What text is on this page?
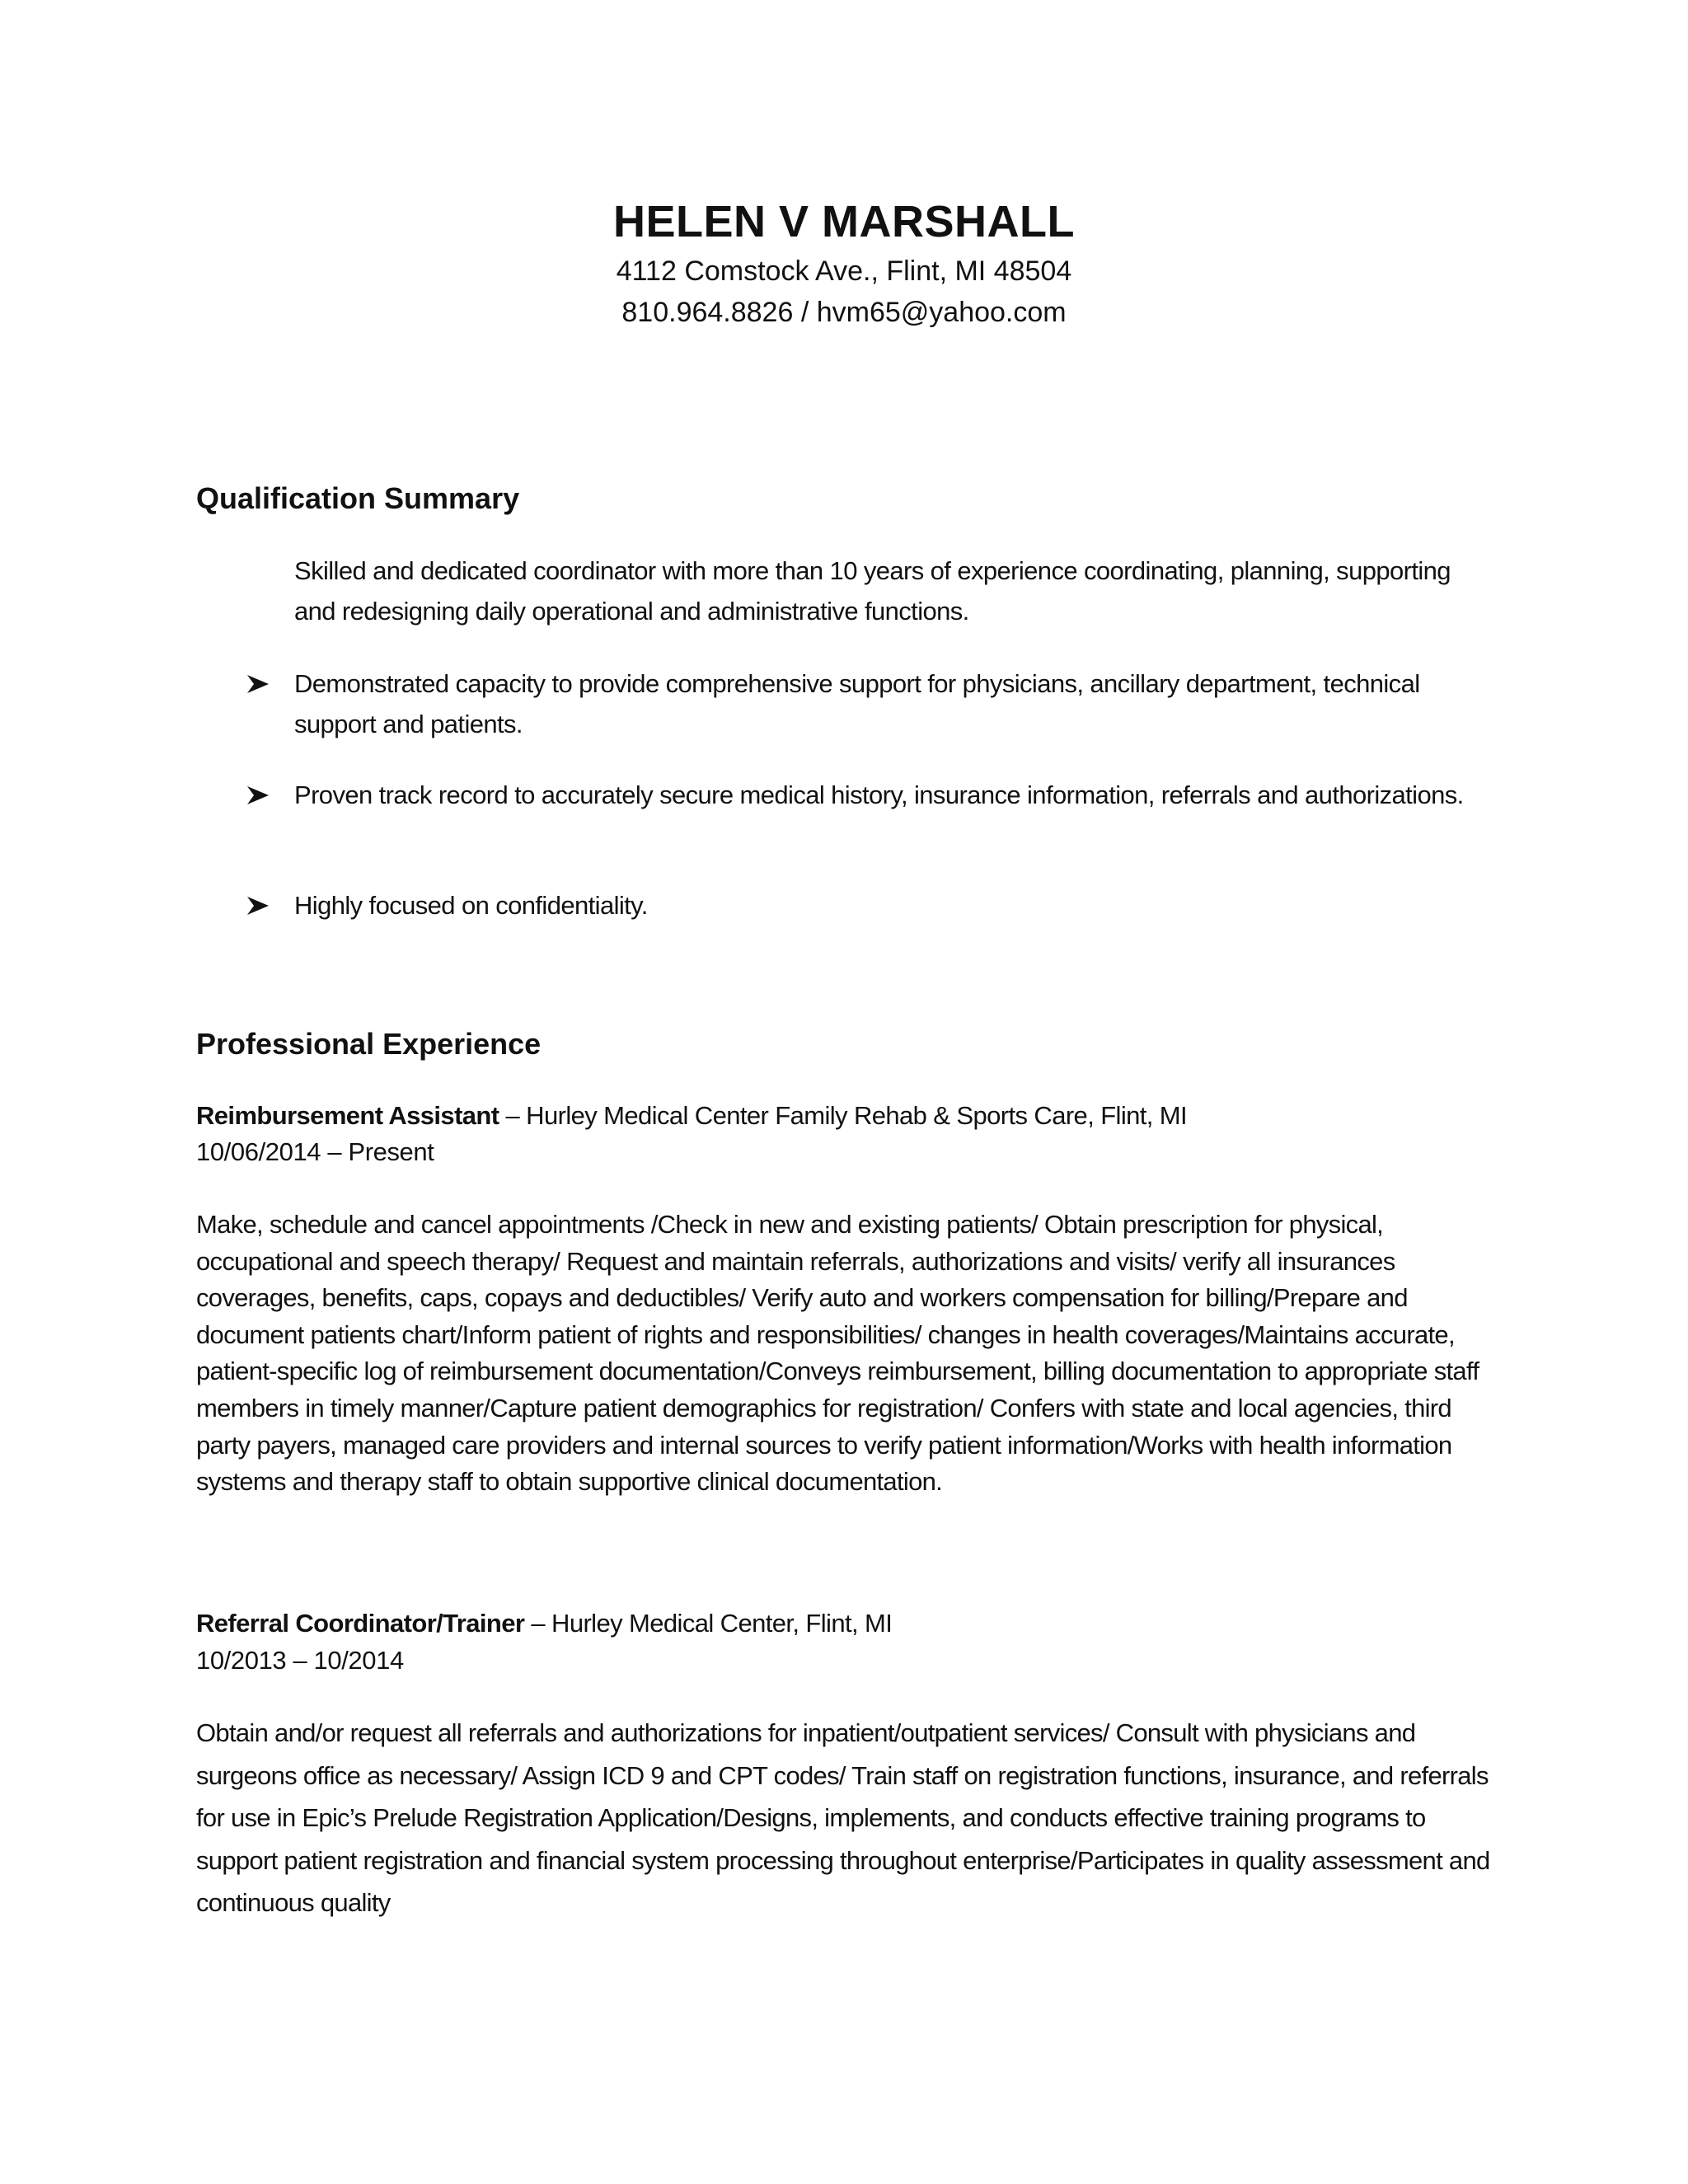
HELEN V MARSHALL
4112 Comstock Ave., Flint, MI 48504
810.964.8826 / hvm65@yahoo.com
Qualification Summary
Skilled and dedicated coordinator with more than 10 years of experience coordinating, planning, supporting and redesigning daily operational and administrative functions.
Demonstrated capacity to provide comprehensive support for physicians, ancillary department, technical support and patients.
Proven track record to accurately secure medical history, insurance information, referrals and authorizations.
Highly focused on confidentiality.
Professional Experience
Reimbursement Assistant – Hurley Medical Center Family Rehab & Sports Care, Flint, MI
10/06/2014 – Present
Make, schedule and cancel appointments /Check in new and existing patients/ Obtain prescription for physical, occupational and speech therapy/ Request and maintain referrals, authorizations and visits/ verify all insurances coverages, benefits, caps, copays and deductibles/ Verify auto and workers compensation for billing/Prepare and document patients chart/Inform patient of rights and responsibilities/ changes in health coverages/Maintains accurate, patient-specific log of reimbursement documentation/Conveys reimbursement, billing documentation to appropriate staff members in timely manner/Capture patient demographics for registration/ Confers with state and local agencies, third party payers, managed care providers and internal sources to verify patient information/Works with health information systems and therapy staff to obtain supportive clinical documentation.
Referral Coordinator/Trainer – Hurley Medical Center, Flint, MI
10/2013 – 10/2014
Obtain and/or request all referrals and authorizations for inpatient/outpatient services/ Consult with physicians and surgeons office as necessary/ Assign ICD 9 and CPT codes/ Train staff on registration functions, insurance, and referrals for use in Epic’s Prelude Registration Application/Designs, implements, and conducts effective training programs to support patient registration and financial system processing throughout enterprise/Participates in quality assessment and continuous quality
